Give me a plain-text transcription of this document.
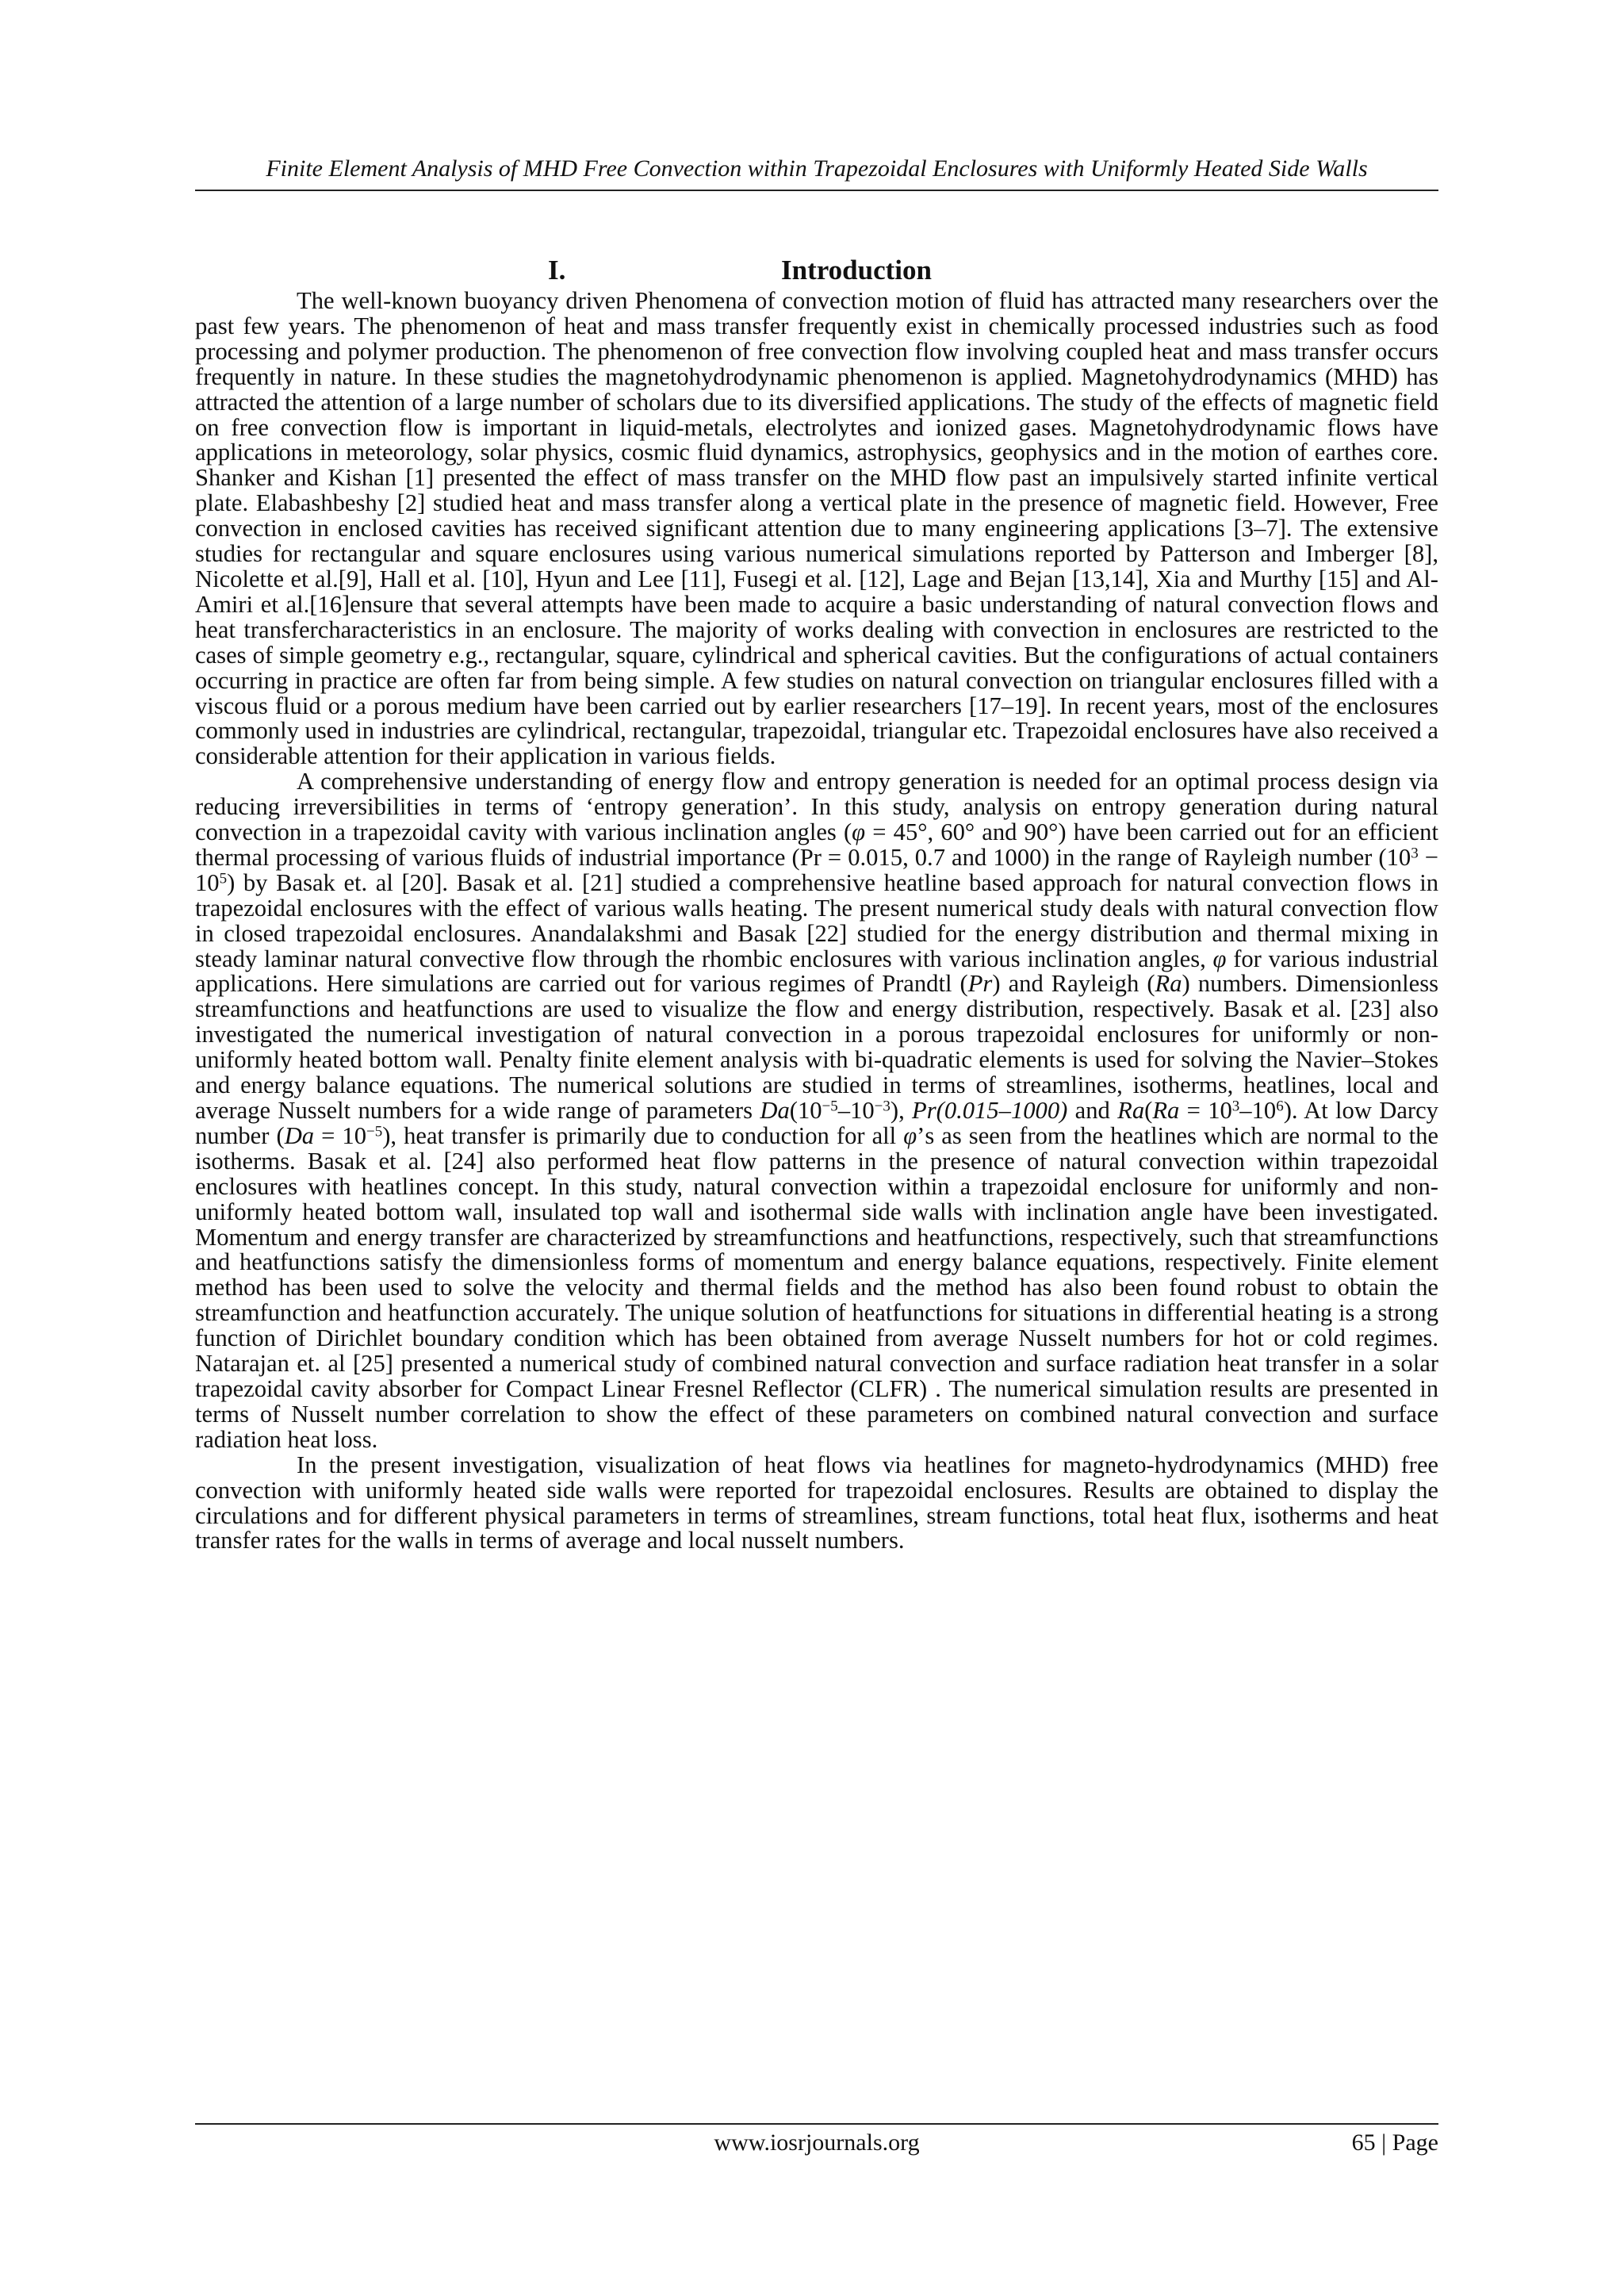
Finite Element Analysis of MHD Free Convection within Trapezoidal Enclosures with Uniformly Heated Side Walls
I.	Introduction

The well-known buoyancy driven Phenomena of convection motion of fluid has attracted many researchers over the past few years. The phenomenon of heat and mass transfer frequently exist in chemically processed industries such as food processing and polymer production. The phenomenon of free convection flow involving coupled heat and mass transfer occurs frequently in nature. In these studies the magnetohydrodynamic phenomenon is applied. Magnetohydrodynamics (MHD) has attracted the attention of a large number of scholars due to its diversified applications. The study of the effects of magnetic field on free convection flow is important in liquid-metals, electrolytes and ionized gases. Magnetohydrodynamic flows have applications in meteorology, solar physics, cosmic fluid dynamics, astrophysics, geophysics and in the motion of earthes core. Shanker and Kishan [1] presented the effect of mass transfer on the MHD flow past an impulsively started infinite vertical plate. Elabashbeshy [2] studied heat and mass transfer along a vertical plate in the presence of magnetic field. However, Free convection in enclosed cavities has received significant attention due to many engineering applications [3–7]. The extensive studies for rectangular and square enclosures using various numerical simulations reported by Patterson and Imberger [8], Nicolette et al.[9], Hall et al. [10], Hyun and Lee [11], Fusegi et al. [12], Lage and Bejan [13,14], Xia and Murthy [15] and Al-Amiri et al.[16]ensure that several attempts have been made to acquire a basic understanding of natural convection flows and heat transfercharacteristics in an enclosure. The majority of works dealing with convection in enclosures are restricted to the cases of simple geometry e.g., rectangular, square, cylindrical and spherical cavities. But the configurations of actual containers occurring in practice are often far from being simple. A few studies on natural convection on triangular enclosures filled with a viscous fluid or a porous medium have been carried out by earlier researchers [17–19]. In recent years, most of the enclosures commonly used in industries are cylindrical, rectangular, trapezoidal, triangular etc. Trapezoidal enclosures have also received a considerable attention for their application in various fields.

A comprehensive understanding of energy flow and entropy generation is needed for an optimal process design via reducing irreversibilities in terms of ‘entropy generation’. In this study, analysis on entropy generation during natural convection in a trapezoidal cavity with various inclination angles (φ = 45°, 60° and 90°) have been carried out for an efficient thermal processing of various fluids of industrial importance (Pr = 0.015, 0.7 and 1000) in the range of Rayleigh number $(10^3 - 10^5)$ by Basak et. al [20]. Basak et al. [21] studied a comprehensive heatline based approach for natural convection flows in trapezoidal enclosures with the effect of various walls heating. The present numerical study deals with natural convection flow in closed trapezoidal enclosures. Anandalakshmi and Basak [22] studied for the energy distribution and thermal mixing in steady laminar natural convective flow through the rhombic enclosures with various inclination angles, φ for various industrial applications. Here simulations are carried out for various regimes of Prandtl (Pr) and Rayleigh (Ra) numbers. Dimensionless streamfunctions and heatfunctions are used to visualize the flow and energy distribution, respectively. Basak et al. [23] also investigated the numerical investigation of natural convection in a porous trapezoidal enclosures for uniformly or non-uniformly heated bottom wall. Penalty finite element analysis with bi-quadratic elements is used for solving the Navier–Stokes and energy balance equations. The numerical solutions are studied in terms of streamlines, isotherms, heatlines, local and average Nusselt numbers for a wide range of parameters $Da(10^{-5}-10^{-3})$, Pr(0.015–1000) and $Ra(Ra = 10^3-10^6)$. At low Darcy number $(Da = 10^{-5})$, heat transfer is primarily due to conduction for all φ’s as seen from the heatlines which are normal to the isotherms. Basak et al. [24] also performed heat flow patterns in the presence of natural convection within trapezoidal enclosures with heatlines concept. In this study, natural convection within a trapezoidal enclosure for uniformly and non-uniformly heated bottom wall, insulated top wall and isothermal side walls with inclination angle have been investigated. Momentum and energy transfer are characterized by streamfunctions and heatfunctions, respectively, such that streamfunctions and heatfunctions satisfy the dimensionless forms of momentum and energy balance equations, respectively. Finite element method has been used to solve the velocity and thermal fields and the method has also been found robust to obtain the streamfunction and heatfunction accurately. The unique solution of heatfunctions for situations in differential heating is a strong function of Dirichlet boundary condition which has been obtained from average Nusselt numbers for hot or cold regimes. Natarajan et. al [25] presented a numerical study of combined natural convection and surface radiation heat transfer in a solar trapezoidal cavity absorber for Compact Linear Fresnel Reflector (CLFR) . The numerical simulation results are presented in terms of Nusselt number correlation to show the effect of these parameters on combined natural convection and surface radiation heat loss.

In the present investigation, visualization of heat flows via heatlines for magneto-hydrodynamics (MHD) free convection with uniformly heated side walls were reported for trapezoidal enclosures. Results are obtained to display the circulations and for different physical parameters in terms of streamlines, stream functions, total heat flux, isotherms and heat transfer rates for the walls in terms of average and local nusselt numbers.

www.iosrjournals.org	65 | Page
